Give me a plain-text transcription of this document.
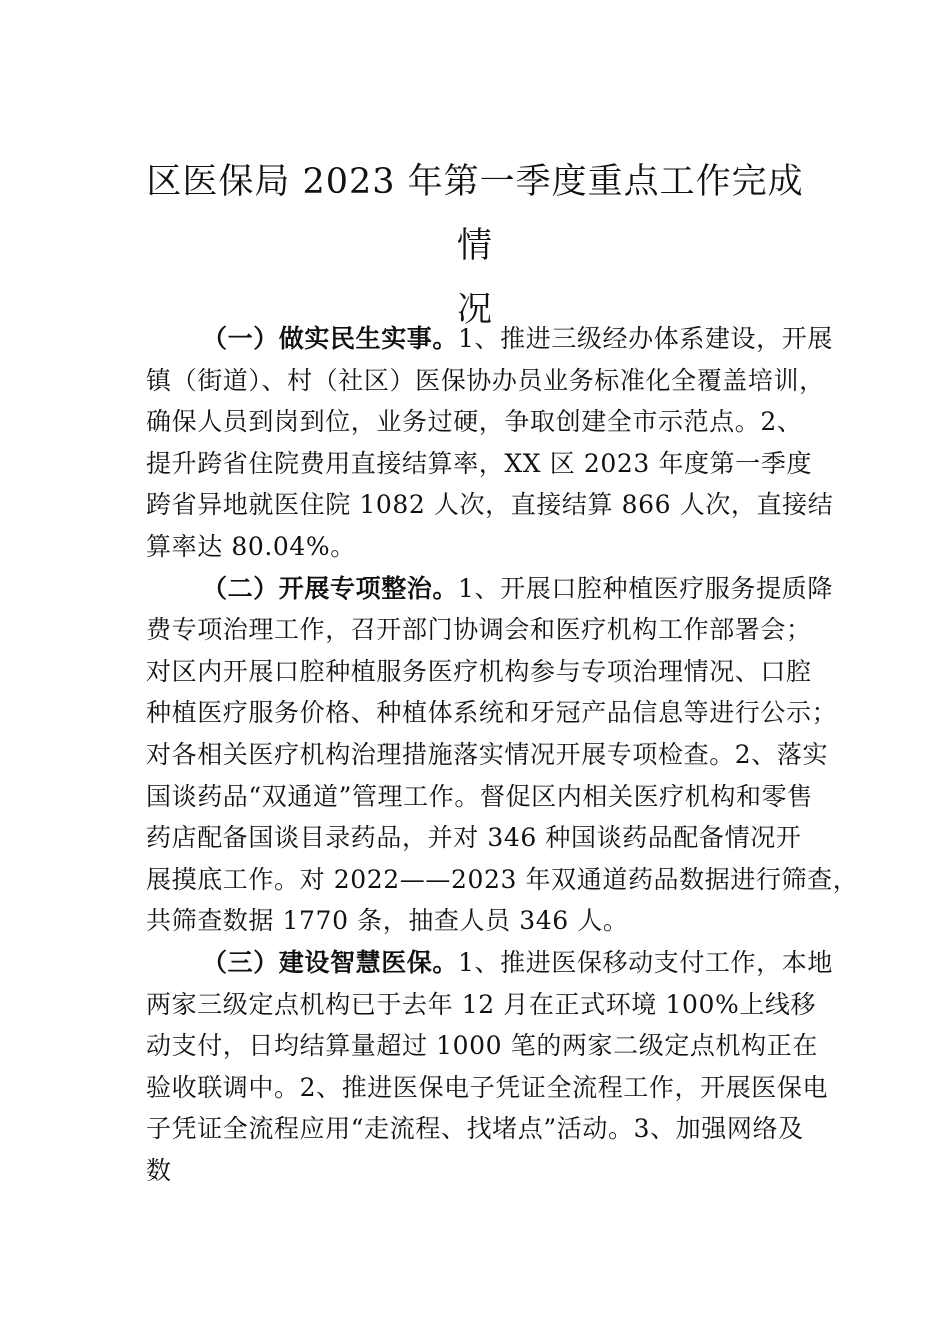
区医保局 2023 年第一季度重点工作完成情
况

（一）做实民生实事。1、推进三级经办体系建设，开展
镇（街道）、村（社区）医保协办员业务标准化全覆盖培训，
确保人员到岗到位，业务过硬，争取创建全市示范点。2、
提升跨省住院费用直接结算率，XX 区 2023 年度第一季度
跨省异地就医住院 1082 人次，直接结算 866 人次，直接结
算率达 80.04%。

（二）开展专项整治。1、开展口腔种植医疗服务提质降
费专项治理工作，召开部门协调会和医疗机构工作部署会；
对区内开展口腔种植服务医疗机构参与专项治理情况、口腔
种植医疗服务价格、种植体系统和牙冠产品信息等进行公示；
对各相关医疗机构治理措施落实情况开展专项检查。2、落实
国谈药品“双通道”管理工作。督促区内相关医疗机构和零售
药店配备国谈目录药品，并对 346 种国谈药品配备情况开
展摸底工作。对 2022——2023 年双通道药品数据进行筛查，
共筛查数据 1770 条，抽查人员 346 人。

（三）建设智慧医保。1、推进医保移动支付工作，本地
两家三级定点机构已于去年 12 月在正式环境 100%上线移
动支付，日均结算量超过 1000 笔的两家二级定点机构正在
验收联调中。2、推进医保电子凭证全流程工作，开展医保电
子凭证全流程应用“走流程、找堵点”活动。3、加强网络及
数
